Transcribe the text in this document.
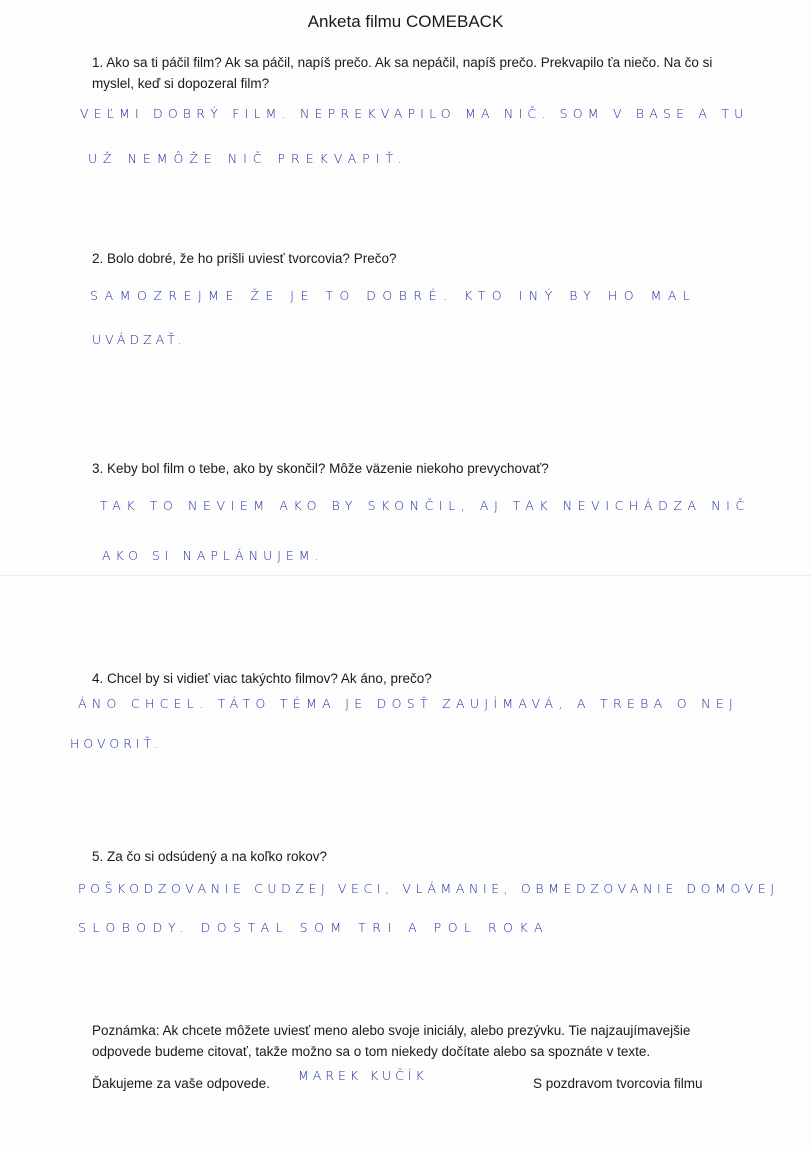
Anketa filmu COMEBACK
1. Ako sa ti páčil film? Ak sa páčil, napíš prečo. Ak sa nepáčil, napíš prečo. Prekvapilo ťa niečo. Na čo si myslel, keď si dopozeral film?
VEĽMI DOBRÝ FILM. NEPREKVAPILO MA NIČ. SOM V BASE A TU
UŽ NEMÔŽE NIČ PREKVAPIŤ.
2. Bolo dobré, že ho prišli uviesť tvorcovia? Prečo?
SAMOZREJME ŽE JE TO DOBRÉ. KTO INÝ BY HO MAL
UVÁDZAŤ.
3. Keby bol film o tebe, ako by skončil? Môže väzenie niekoho prevychovať?
TAK TO NEVIEM AKO BY SKONČIL, AJ TAK NEVICHÁDZA NIČ
AKO SI NAPLÁNUJEM.
4. Chcel by si vidieť viac takýchto filmov? Ak áno, prečo?
ÁNO CHCEL. TÁTO TÉMA JE DOSŤ ZAUJÍMAVÁ, A TREBA O NEJ
HOVORIŤ.
5. Za čo si odsúdený a na koľko rokov?
POŠKODZOVANIE CUDZEJ VECI, VLÁMANIE, OBMEDZOVANIE DOMOVEJ
SLOBODY. DOSTAL SOM TRI A POL ROKA
Poznámka: Ak chcete môžete uviesť meno alebo svoje iniciály, alebo prezývku. Tie najzaujímavejšie odpovede budeme citovať, takže možno sa o tom niekedy dočítate alebo sa spoznáte v texte.
Ďakujeme za vaše odpovede.
MAREK KUČÍK
S pozdravom tvorcovia filmu
